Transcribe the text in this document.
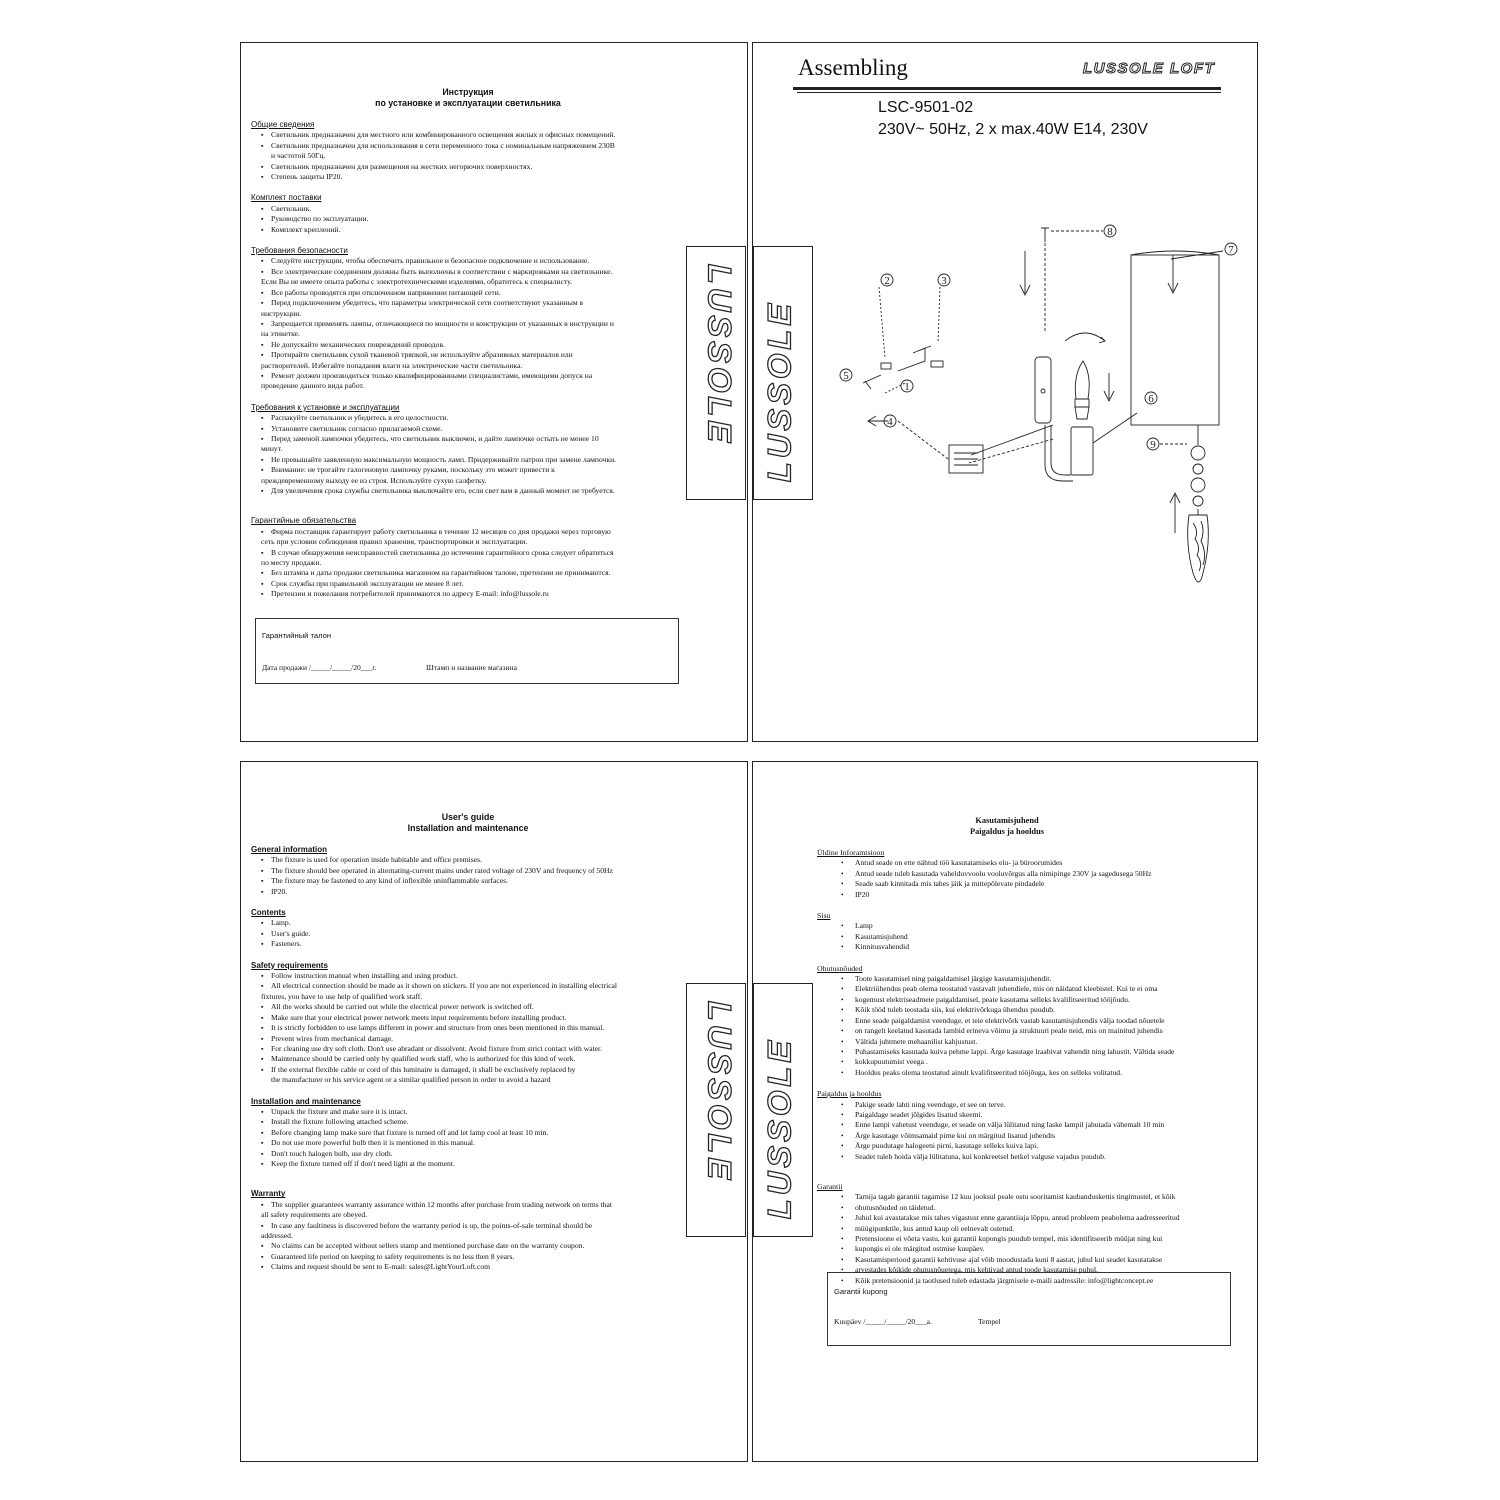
Инструкция
по установке и эксплуатации светильника
Общие сведения
▪ Светильник предназначен для местного или комбинированного освещения жилых и офисных помещений.
▪ Светильник предназначен для использования в сети переменного тока с номинальным напряжением 230В
и частотой 50Гц.
▪ Светильник предназначен для размещения на жестких негорючих поверхностях.
▪ Степень защиты IP20.
Комплект поставки
▪ Светильник.
▪ Руководство по эксплуатации.
▪ Комплект креплений.
Требования безопасности
▪ Следуйте инструкции, чтобы обеспечить правильное и безопасное подключение и использование.
▪ Все электрические соединения должны быть выполнены в соответствии с маркировками на светильнике.
Если Вы не имеете опыта работы с электротехническими изделиями, обратитесь к специалисту.
▪ Все работы проводятся при отключенном напряжении питающей сети.
▪ Перед подключением убедитесь, что параметры электрической сети соответствуют указанным в
инструкции.
▪ Запрещается применять лампы, отличающиеся по мощности и конструкции от указанных в инструкции и
на этикетке.
▪ Не допускайте механических повреждений проводов.
▪ Протирайте светильник сухой тканевой тряпкой, не используйте абразивных материалов или
растворителей. Избегайте попадания влаги на электрические части светильника.
▪ Ремонт должен производиться только квалифицированными специалистами, имеющими допуск на
проведение данного вида работ.
Требования к установке и эксплуатации
▪ Распакуйте светильник и убедитесь в его целостности.
▪ Установите светильник согласно прилагаемой схеме.
▪ Перед заменой лампочки убедитесь, что светильник выключен, и дайте лампочке остыть не менее 10
минут.
▪ Не превышайте заявленную максимальную мощность ламп. Придерживайте патрон при замене лампочки.
▪ Внимание: не трогайте галогеновую лампочку руками, поскольку это может привести к
преждевременному выходу ее из строя. Используйте сухую салфетку.
▪ Для увеличения срока службы светильника выключайте его, если свет вам в данный момент не требуется.
Гарантийные обязательства
▪ Фирма поставщик гарантирует работу светильника в течение 12 месяцев со дня продажи через торговую
сеть при условии соблюдения правил хранения, транспортировки и эксплуатации.
▪ В случае обнаружения неисправностей светильника до истечения гарантийного срока следует обратиться
по месту продажи.
▪ Без штампа и даты продажи светильника магазином на гарантийном талоне, претензии не принимаются.
▪ Срок службы при правильной эксплуатации не менее 8 лет.
▪ Претензии и пожелания потребителей принимаются по адресу E-mail: info@lussole.ru
Гарантийный талон
Дата продажи /_____/_____/20___г.	Штамп и название магазина
Assembling	LUSSOLE LOFT
LSC-9501-02
230V~ 50Hz, 2 x max.40W E14, 230V
8
7
2	3
5
1
6
4
9
User's guide
Installation and maintenance
General information
▪ The fixture is used for operation inside habitable and office premises.
▪ The fixture should bee operated in alternating-current mains under rated voltage of 230V and frequency of 50Hz
▪ The fixture may be fastened to any kind of inflexible uninflammable surfaces.
▪ IP20.
Contents
▪ Lamp.
▪ User's guide.
▪ Fasteners.
Safety requirements
▪ Follow instruction manual when installing and using product.
▪ All electrical connection should be made as it shown on stickers. If you are not experienced in installing electrical
fixtures, you have to use help of qualified work staff.
▪ All the works should be carried out while the electrical power network is switched off.
▪ Make sure that your electrical power network meets input requirements before installing product.
▪ It is strictly forbidden to use lamps different in power and structure from ones been mentioned in this manual.
▪ Prevent wires from mechanical damage.
▪ For cleaning use dry soft cloth. Don't use abradant or dissolvent. Avoid fixture from strict contact with water.
▪ Maintenance should be carried only by qualified work staff, who is authorized for this kind of work.
▪ If the external flexible cable or cord of this luminaire is damaged, it shall be exclusively replaced by
the manufacturer or his service agent or a similar qualified person in order to avoid a hazard
Installation and maintenance
▪ Unpack the fixture and make sure it is intact.
▪ Install the fixture following attached scheme.
▪ Before changing lamp make sure that fixture is turned off and let lamp cool at least 10 min.
▪ Do not use more powerful bulb then it is mentioned in this manual.
▪ Don't touch halogen bulb, use dry cloth.
▪ Keep the fixture turned off if don't need light at the moment.
Warranty
▪ The supplier guarantees warranty assurance within 12 months after purchase from trading network on terms that
all safety requirements are obeyed.
▪ In case any faultiness is discovered before the warranty period is up, the points-of-sale terminal should be
addressed.
▪ No claims can be accepted without sellers stamp and mentioned purchase date on the warranty coupon.
▪ Guaranteed life period on keeping to safety requirements is no less then 8 years.
▪ Claims and request should be sent to E-mail: sales@LightYourLoft.com
Kasutamisjuhend
Paigaldus ja hooldus
Üldine Inforamtsioon
• Antud seade on ette nähtud töö kasutatamiseks elu- ja büroorumides
• Antud seade tuleb kasutada vahelduvvoolu vooluvõrgus alla nimipinge 230V ja sagedusega 50Hz
• Seade saab kinnitada mis tahes jäik ja mittepõlevate pindadele
• IP20
Sisu
• Lamp
• Kasutamisjuhend
• Kinnitusvahendid
Ohutusnõuded
• Toote kasutamisel ning paigaldamisel järgige kasutamisjuhendit.
• Elektriühendus peab olema teostatud vastavalt juhendiele, mis on näidatud kleebistel. Kui te ei oma
• kogemust elektriseadmete paigaldamisel, peate kasutama selleks kvalifitseeritud tööjõudu.
• Kõik tööd tuleb teostada siis, kui elektrivõrkuga ühendus puudub.
• Enne seade paigaldamist veenduge, et teie elektrivõrk vastab kasutamisjuhendis välja toodad nõuetele
• on rangelt keelatud kasutada lambid erineva võimu ja struktuuri peale neid, mis on mainitud juhendis
• Vältida juhtmete mehaanilist kahjustust.
• Puhastamiseks kasutada kuiva pehme lappi. Ärge kasutage lraabivat vahendit ning lahustit. Vältida seade
• kokkupuutumist veega .
• Hooldus peaks olema teostatud ainult kvalifitseeritud tööjõuga, kes on selleks volitatud.
Paigaldus ja hooldus
• Pakige seade lahti ning veenduge, et see on terve.
• Paigaldage seadet jõlgides lisatud skeemi.
• Enne lampi vahetust veenduge, et seade on välja lülitatud ning laske lampil jahutada vähemalt 10 min
• Ärge kasutage võimsamaid pirne kui on märgitud lisatud juhendis
• Ärge puudutage halogeeni pirni, kasutage selleks kuiva lapi.
• Seadet tuleb hoida välja lülitatuna, kui konkreetsel hetkel valguse vajadus puudub.
Garantii
• Tarnija tagab garantii tagamise 12 kuu jooksul peale ostu sooritamist kaubanduskettis tingimustel, et kõik
• ohutusnõuded on täidetud.
• Juhul kui avastatakse mis tahes vigastust enne garantiiaja lõppu, antud probleem peabolema aadresseeritud
• müügipunktile, kus antud kaup oli eelnevalt ostetud.
• Pretensioone ei võeta vastu, kui garantii kupongis puudub tempel, mis identifitseerib müüjat ning kui
• kupongis ei ole märgitud ostmise kuupäev.
• Kasutamisperiood garantii kehtivuse ajal võib moodustada kuni 8 aastat, juhul kui seadet kasutatakse
• arvestades kõikide ohutusnõuetega, mis kehtivad antud toode kasutamise puhul.
• Kõik pretensioonid ja taotlused tuleb edastada järgmisele e-maili aadressile: info@lightconcept.ee
Garantii kupong
Kuupäev /_____/_____/20___a.	Tempel
LUSSOLE LUSSOLE
LUSSOLE LUSSOLE
